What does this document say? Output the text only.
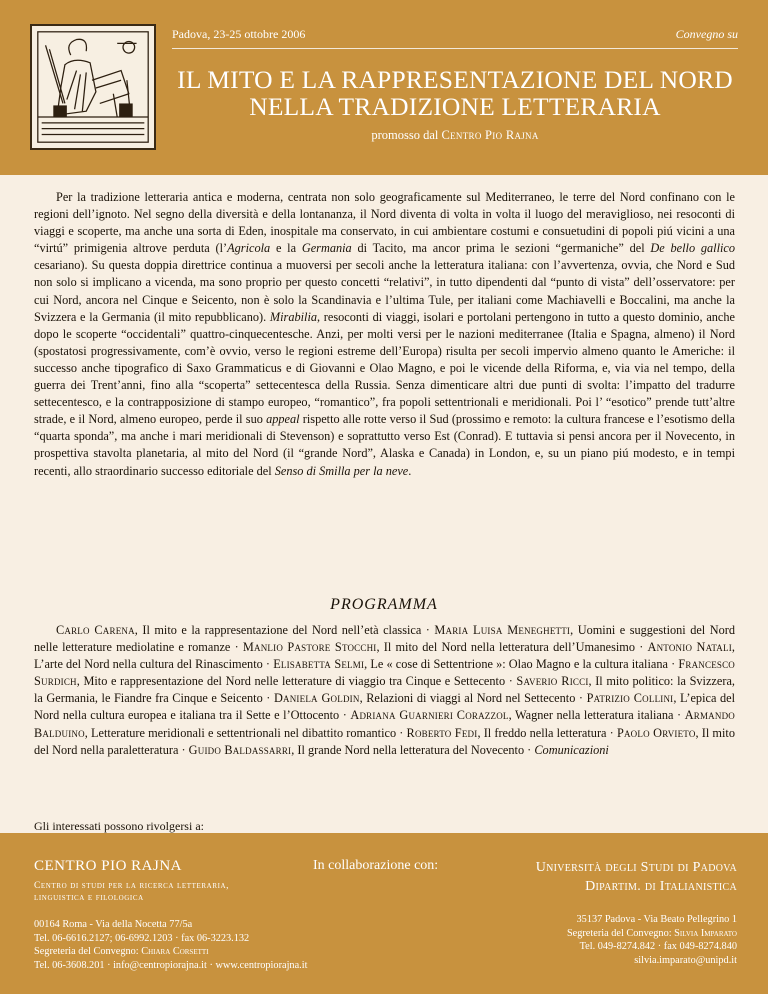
Padova, 23-25 ottobre 2006	Convegno su
IL MITO E LA RAPPRESENTAZIONE DEL NORD
NELLA TRADIZIONE LETTERARIA
promosso dal Centro Pio Rajna

Per la tradizione letteraria antica e moderna, centrata non solo geograficamente sul Mediterraneo, le terre del Nord confinano con le regioni dell’ignoto. Nel segno della diversità e della lontananza, il Nord diventa di volta in volta il luogo del meraviglioso, nei resoconti di viaggi e scoperte, ma anche una sorta di Eden, inospitale ma conservato, in cui ambientare costumi e consuetudini di popoli piú vicini a una “virtú” primigenia altrove perduta (l’Agricola e la Germania di Tacito, ma ancor prima le sezioni “germaniche” del De bello gallico cesariano). Su questa doppia direttrice continua a muoversi per secoli anche la letteratura italiana: con l’avvertenza, ovvia, che Nord e Sud non solo si implicano a vicenda, ma sono proprio per questo concetti “relativi”, in tutto dipendenti dal “punto di vista” dell’osservatore: per cui Nord, ancora nel Cinque e Seicento, non è solo la Scandinavia e l’ultima Tule, per italiani come Machiavelli e Boccalini, ma anche la Svizzera e la Germania (il mito repubblicano). Mirabilia, resoconti di viaggi, isolari e portolani pertengono in tutto a questo dominio, anche dopo le scoperte “occidentali” quattro-cinquecentesche. Anzi, per molti versi per le nazioni mediterranee (Italia e Spagna, almeno) il Nord (spostatosi progressivamente, com’è ovvio, verso le regioni estreme dell’Europa) risulta per secoli impervio almeno quanto le Americhe: il successo anche tipografico di Saxo Grammaticus e di Giovanni e Olao Magno, e poi le vicende della Riforma, e, via via nel tempo, della guerra dei Trent’anni, fino alla “scoperta” settecentesca della Russia. Senza dimenticare altri due punti di svolta: l’impatto del tradurre settecentesco, e la contrapposizione di stampo europeo, “romantico”, fra popoli settentrionali e meridionali. Poi l’ “esotico” prende tutt’altre strade, e il Nord, almeno europeo, perde il suo appeal rispetto alle rotte verso il Sud (prossimo e remoto: la cultura francese e l’esotismo della “quarta sponda”, ma anche i mari meridionali di Stevenson) e soprattutto verso Est (Conrad). E tuttavia si pensi ancora per il Novecento, in prospettiva stavolta planetaria, al mito del Nord (il “grande Nord”, Alaska e Canada) in London, e, su un piano piú modesto, e in tempi recenti, allo straordinario successo editoriale del Senso di Smilla per la neve.

PROGRAMMA

Carlo Carena, Il mito e la rappresentazione del Nord nell’età classica · Maria Luisa Meneghetti, Uomini e suggestioni del Nord nelle letterature mediolatine e romanze · Manlio Pastore Stocchi, Il mito del Nord nella letteratura dell’Umanesimo · Antonio Natali, L’arte del Nord nella cultura del Rinascimento · Elisabetta Selmi, Le « cose di Settentrione »: Olao Magno e la cultura italiana · Francesco Surdich, Mito e rappresentazione del Nord nelle letterature di viaggio tra Cinque e Settecento · Saverio Ricci, Il mito politico: la Svizzera, la Germania, le Fiandre fra Cinque e Seicento · Daniela Goldin, Relazioni di viaggi al Nord nel Settecento · Patrizio Collini, L’epica del Nord nella cultura europea e italiana tra il Sette e l’Ottocento · Adriana Guarnieri Corazzol, Wagner nella letteratura italiana · Armando Balduino, Letterature meridionali e settentrionali nel dibattito romantico · Roberto Fedi, Il freddo nella letteratura · Paolo Orvieto, Il mito del Nord nella paraletteratura · Guido Baldassarri, Il grande Nord nella letteratura del Novecento · Comunicazioni

Gli interessati possono rivolgersi a:
CENTRO PIO RAJNA
Centro di studi per la ricerca letteraria,
linguistica e filologica
00164 Roma - Via della Nocetta 77/5a
Tel. 06-6616.2127; 06-6992.1203 · fax 06-3223.132
Segreteria del Convegno: Chiara Corsetti
Tel. 06-3608.201 · info@centropiorajna.it · www.centropiorajna.it
In collaborazione con:	Università degli Studi di Padova
Dipartim. di Italianistica
35137 Padova - Via Beato Pellegrino 1
Segreteria del Convegno: Silvia Imparato
Tel. 049-8274.842 · fax 049-8274.840
silvia.imparato@unipd.it
